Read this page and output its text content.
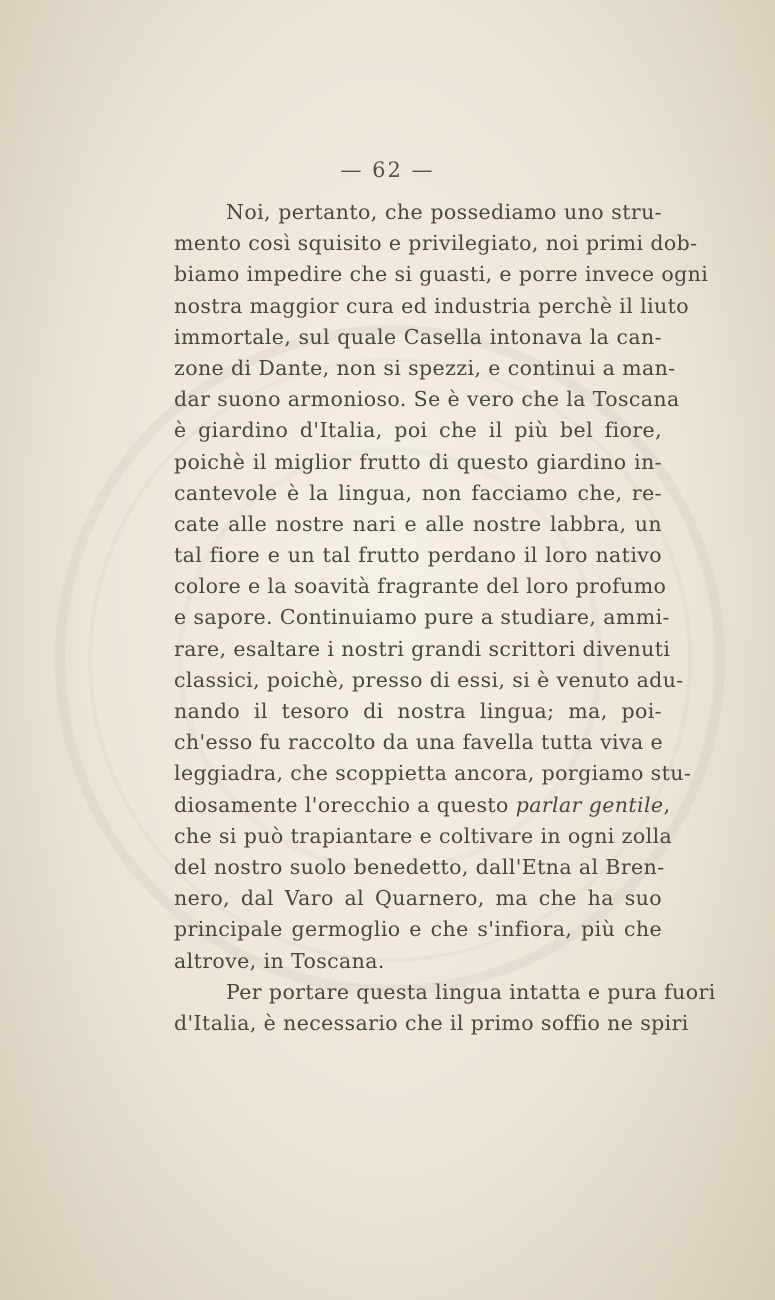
— 62 —
Noi, pertanto, che possediamo uno stru-
mento così squisito e privilegiato, noi primi dob-
biamo impedire che si guasti, e porre invece ogni
nostra maggior cura ed industria perchè il liuto
immortale, sul quale Casella intonava la can-
zone di Dante, non si spezzi, e continui a man-
dar suono armonioso. Se è vero che la Toscana
è giardino d'Italia, poi che il più bel fiore,
poichè il miglior frutto di questo giardino in-
cantevole è la lingua, non facciamo che, re-
cate alle nostre nari e alle nostre labbra, un
tal fiore e un tal frutto perdano il loro nativo
colore e la soavità fragrante del loro profumo
e sapore. Continuiamo pure a studiare, ammi-
rare, esaltare i nostri grandi scrittori divenuti
classici, poichè, presso di essi, si è venuto adu-
nando il tesoro di nostra lingua; ma, poi-
ch'esso fu raccolto da una favella tutta viva e
leggiadra, che scoppietta ancora, porgiamo stu-
diosamente l'orecchio a questo parlar gentile,
che si può trapiantare e coltivare in ogni zolla
del nostro suolo benedetto, dall'Etna al Bren-
nero, dal Varo al Quarnero, ma che ha suo
principale germoglio e che s'infiora, più che
altrove, in Toscana.
Per portare questa lingua intatta e pura fuori
d'Italia, è necessario che il primo soffio ne spiri
